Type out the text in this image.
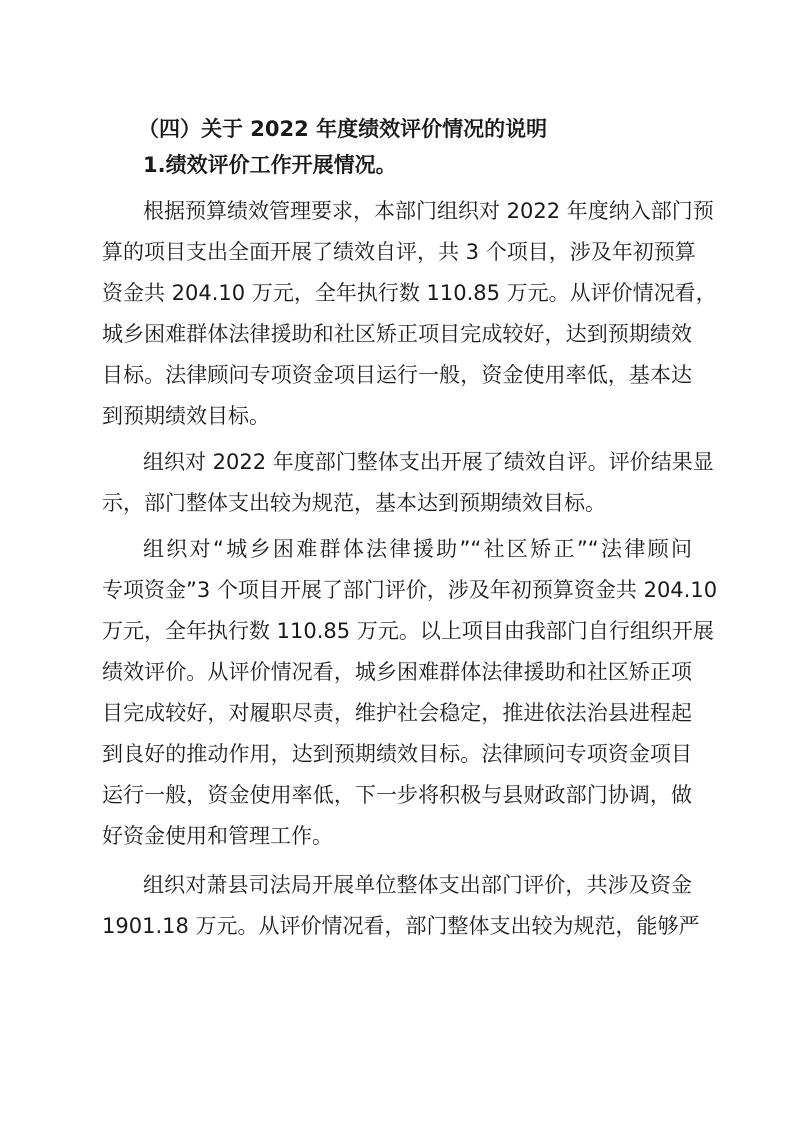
（四）关于 2022 年度绩效评价情况的说明
1.绩效评价工作开展情况。
根据预算绩效管理要求，本部门组织对 2022 年度纳入部门预
算的项目支出全面开展了绩效自评，共 3 个项目，涉及年初预算
资金共 204.10 万元，全年执行数 110.85 万元。从评价情况看，
城乡困难群体法律援助和社区矫正项目完成较好，达到预期绩效
目标。法律顾问专项资金项目运行一般，资金使用率低，基本达
到预期绩效目标。
组织对 2022 年度部门整体支出开展了绩效自评。评价结果显
示，部门整体支出较为规范，基本达到预期绩效目标。
组织对“城乡困难群体法律援助”“社区矫正”“法律顾问
专项资金”3 个项目开展了部门评价，涉及年初预算资金共 204.10
万元，全年执行数 110.85 万元。以上项目由我部门自行组织开展
绩效评价。从评价情况看，城乡困难群体法律援助和社区矫正项
目完成较好，对履职尽责，维护社会稳定，推进依法治县进程起
到良好的推动作用，达到预期绩效目标。法律顾问专项资金项目
运行一般，资金使用率低，下一步将积极与县财政部门协调，做
好资金使用和管理工作。
组织对萧县司法局开展单位整体支出部门评价，共涉及资金
1901.18 万元。从评价情况看，部门整体支出较为规范，能够严
